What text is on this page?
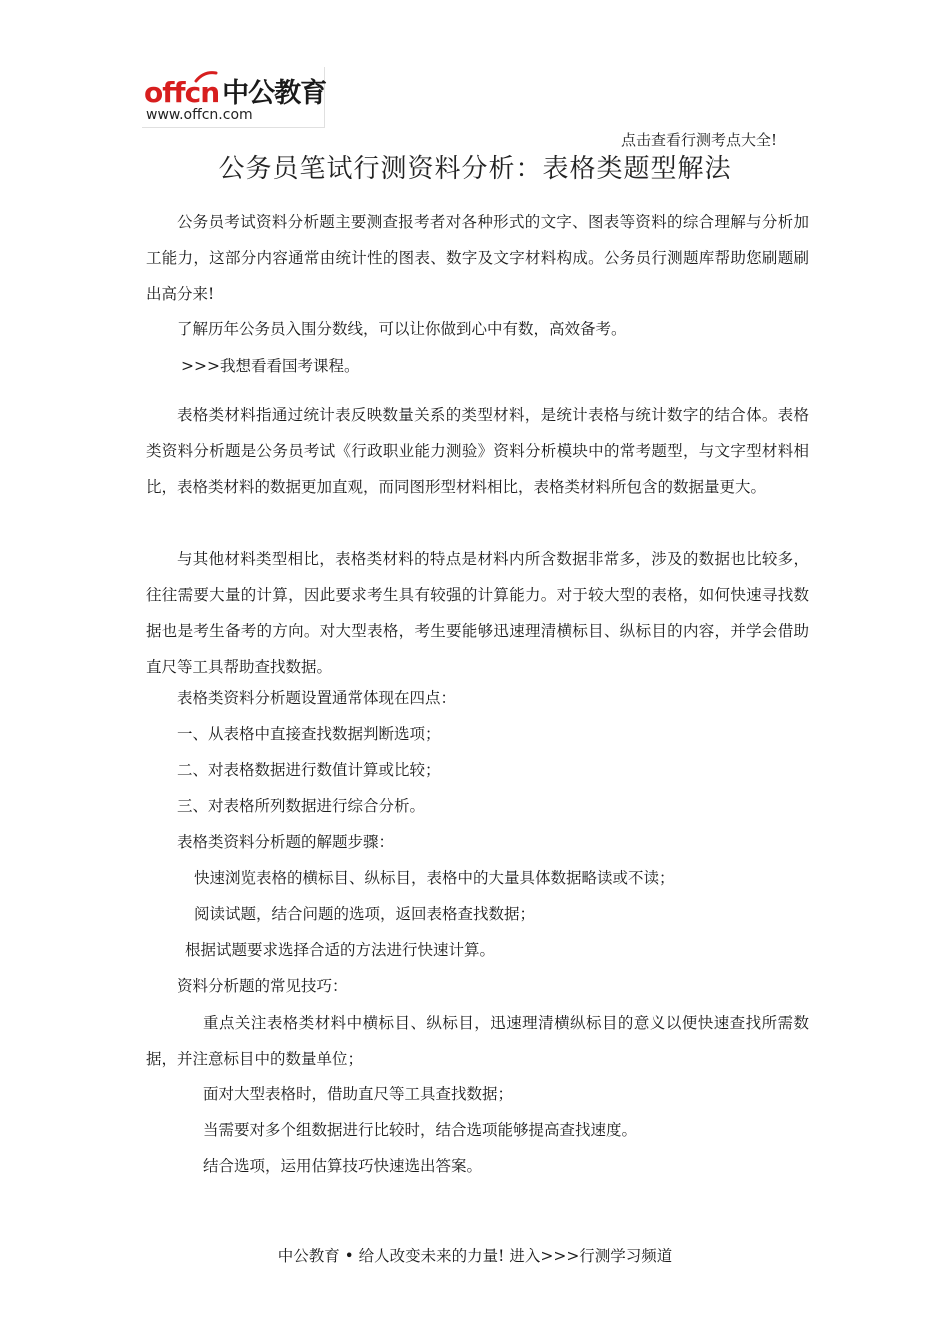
offcn 中公教育
www.offcn.com
点击查看行测考点大全!
公务员笔试行测资料分析：表格类题型解法

公务员考试资料分析题主要测查报考者对各种形式的文字、图表等资料的综合理解与分析加工能力，这部分内容通常由统计性的图表、数字及文字材料构成。公务员行测题库帮助您刷题刷出高分来!

了解历年公务员入围分数线，可以让你做到心中有数，高效备考。
>>>我想看看国考课程。

表格类材料指通过统计表反映数量关系的类型材料，是统计表格与统计数字的结合体。表格类资料分析题是公务员考试《行政职业能力测验》资料分析模块中的常考题型，与文字型材料相比，表格类材料的数据更加直观，而同图形型材料相比，表格类材料所包含的数据量更大。

与其他材料类型相比，表格类材料的特点是材料内所含数据非常多，涉及的数据也比较多，往往需要大量的计算，因此要求考生具有较强的计算能力。对于较大型的表格，如何快速寻找数据也是考生备考的方向。对大型表格，考生要能够迅速理清横标目、纵标目的内容，并学会借助直尺等工具帮助查找数据。

表格类资料分析题设置通常体现在四点：
一、从表格中直接查找数据判断选项；
二、对表格数据进行数值计算或比较；
三、对表格所列数据进行综合分析。
表格类资料分析题的解题步骤：
快速浏览表格的横标目、纵标目，表格中的大量具体数据略读或不读；
阅读试题，结合问题的选项，返回表格查找数据；
根据试题要求选择合适的方法进行快速计算。
资料分析题的常见技巧：

重点关注表格类材料中横标目、纵标目，迅速理清横纵标目的意义以便快速查找所需数据，并注意标目中的数量单位；

面对大型表格时，借助直尺等工具查找数据；
当需要对多个组数据进行比较时，结合选项能够提高查找速度。
结合选项，运用估算技巧快速选出答案。
中公教育 • 给人改变未来的力量! 进入>>>行测学习频道
